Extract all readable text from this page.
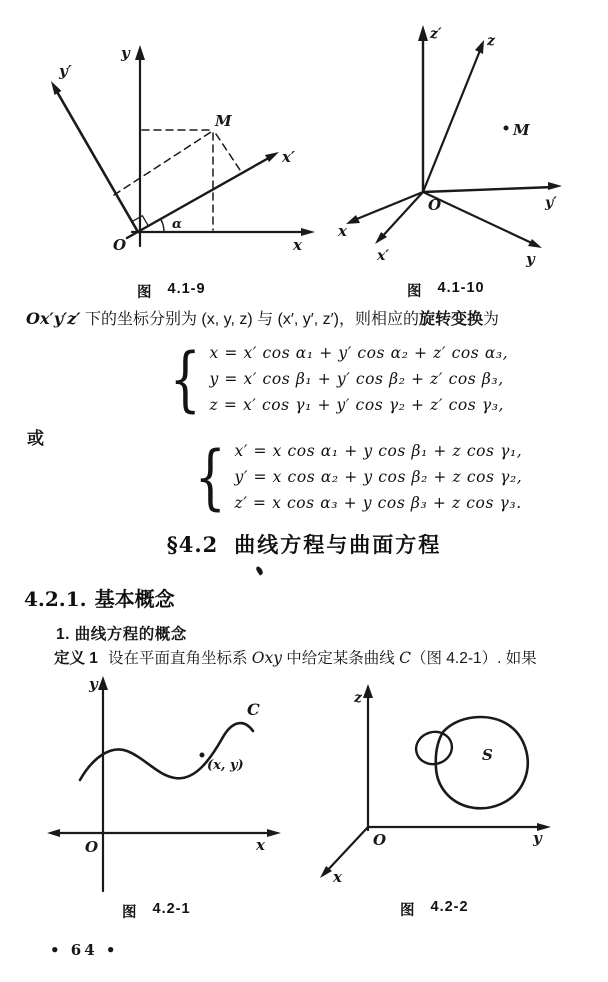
y
y′
x
x′
O
M
α
图 4.1-9
z′	z
y′
y
x
x′
O
M
图 4.1-10
Ox′y′z′ 下的坐标分别为 (x, y, z) 与 (x′, y′, z′)，则相应的旋转变换为
{ x = x′ cos α₁ + y′ cos α₂ + z′ cos α₃,
y = x′ cos β₁ + y′ cos β₂ + z′ cos β₃,
z = x′ cos γ₁ + y′ cos γ₂ + z′ cos γ₃,
或 { x′ = x cos α₁ + y cos β₁ + z cos γ₁,
y′ = x cos α₂ + y cos β₂ + z cos γ₂,
z′ = x cos α₃ + y cos β₃ + z cos γ₃.
§4.2 曲线方程与曲面方程
4.2.1. 基本概念
1. 曲线方程的概念
定义 1 设在平面直角坐标系 Oxy 中给定某条曲线 C（图 4.2-1）. 如果
y
x
O
C
(x, y)
图 4.2-1
z
y
x
O
S
图 4.2-2
• 64 •
